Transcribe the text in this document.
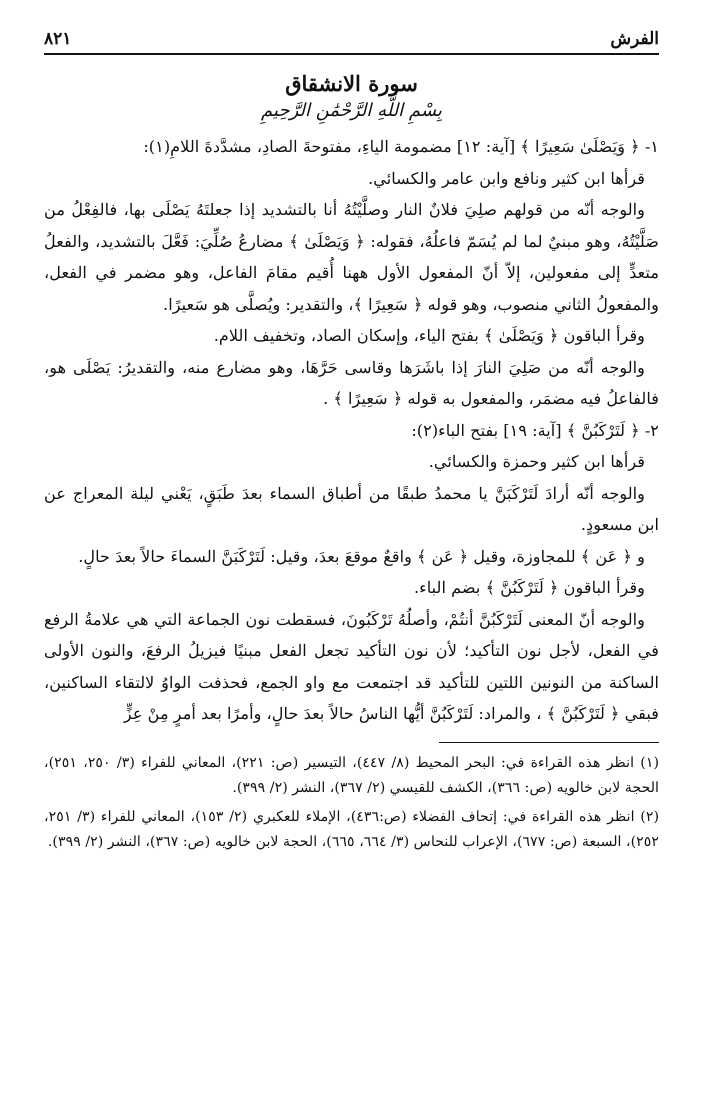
الفرش
٨٢١
سورة الانشقاق
بِسْمِ اللَّهِ الرَّحْمَٰنِ الرَّحِيمِ

١- ﴿ وَيَصْلَىٰ سَعِيرًا ﴾ [آية: ١٢] مضمومة الياءِ، مفتوحةَ الصادِ، مشدَّدةَ اللامِ(١):

قرأها ابن كثير ونافع وابن عامر والكسائي.

والوجه أنّه من قولهم صلِيَ فلانٌ النار وصلَّيْتُهُ أنا بالتشديد إذا جعلتَهُ يَصْلَى بها، فالفِعْلُ من صَلَّيْتُهُ، وهو مبنيٌ لما لم يُسَمّ فاعلُهُ، فقوله: ﴿ وَيَصْلَىٰ ﴾ مضارعُ صُلِّيَ: فَعَّلَ بالتشديد، والفعلُ متعدٍّ إلى مفعولين، إلاّ أنّ المفعول الأول ههنا أُقيم مقامَ الفاعل، وهو مضمر في الفعل، والمفعولُ الثاني منصوب، وهو قوله ﴿ سَعِيرًا ﴾، والتقدير: ويُصلَّى هو سَعيرًا.

وقرأ الباقون ﴿ وَيَصْلَىٰ ﴾ بفتح الياء، وإسكان الصاد، وتخفيف اللام.

والوجه أنّه من صَلِيَ النارَ إذا باشَرَها وقاسى حَرَّهَا، وهو مضارع منه، والتقديرُ: يَصْلَى هو، فالفاعلُ فيه مضمَر، والمفعول به قوله ﴿ سَعِيرًا ﴾ .

٢- ﴿ لَتَرْكَبُنَّ ﴾ [آية: ١٩] بفتح الباء(٢):

قرأها ابن كثير وحمزة والكسائي.

والوجه أنّه أرادَ لَتَرْكَبَنَّ يا محمدُ طبقًا من أطباق السماء بعدَ طَبَقٍ، يَعْني ليلة المعراج عن ابن مسعودٍ.

و ﴿ عَن ﴾ للمجاوزة، وقيل ﴿ عَن ﴾ واقعٌ موقعَ بعدَ، وقيل: لَتَرْكَبَنَّ السماءَ حالاً بعدَ حالٍ.

وقرأ الباقون ﴿ لَتَرْكَبُنَّ ﴾ بضم الباء.

والوجه أنّ المعنى لَتَرْكَبُنَّ أنتُمْ، وأصلُهُ تَرْكَبُونَ، فسقطت نون الجماعة التي هي علامةُ الرفع في الفعل، لأجل نون التأكيد؛ لأن نون التأكيد تجعل الفعل مبنيًا فيزيلُ الرفعَ، والنون الأولى الساكنة من النونين اللتين للتأكيد قد اجتمعت مع واو الجمع، فحذفت الواوُ لالتقاء الساكنين، فبقي ﴿ لَتَرْكَبُنَّ ﴾ ، والمراد: لَتَرْكَبُنَّ أيُّها الناسُ حالاً بعدَ حالٍ، وأمرًا بعد أمرٍ مِنْ عِزٍّ

(١) انظر هذه القراءة في: البحر المحيط (٨/ ٤٤٧)، التيسير (ص: ٢٢١)، المعاني للفراء (٣/ ٢٥٠، ٢٥١)، الحجة لابن خالويه (ص: ٣٦٦)، الكشف للقيسي (٢/ ٣٦٧)، النشر (٢/ ٣٩٩).

(٢) انظر هذه القراءة في: إتحاف الفضلاء (ص:٤٣٦)، الإملاء للعكبري (٢/ ١٥٣)، المعاني للفراء (٣/ ٢٥١، ٢٥٢)، السبعة (ص: ٦٧٧)، الإعراب للنحاس (٣/ ٦٦٤، ٦٦٥)، الحجة لابن خالويه (ص: ٣٦٧)، النشر (٢/ ٣٩٩).
